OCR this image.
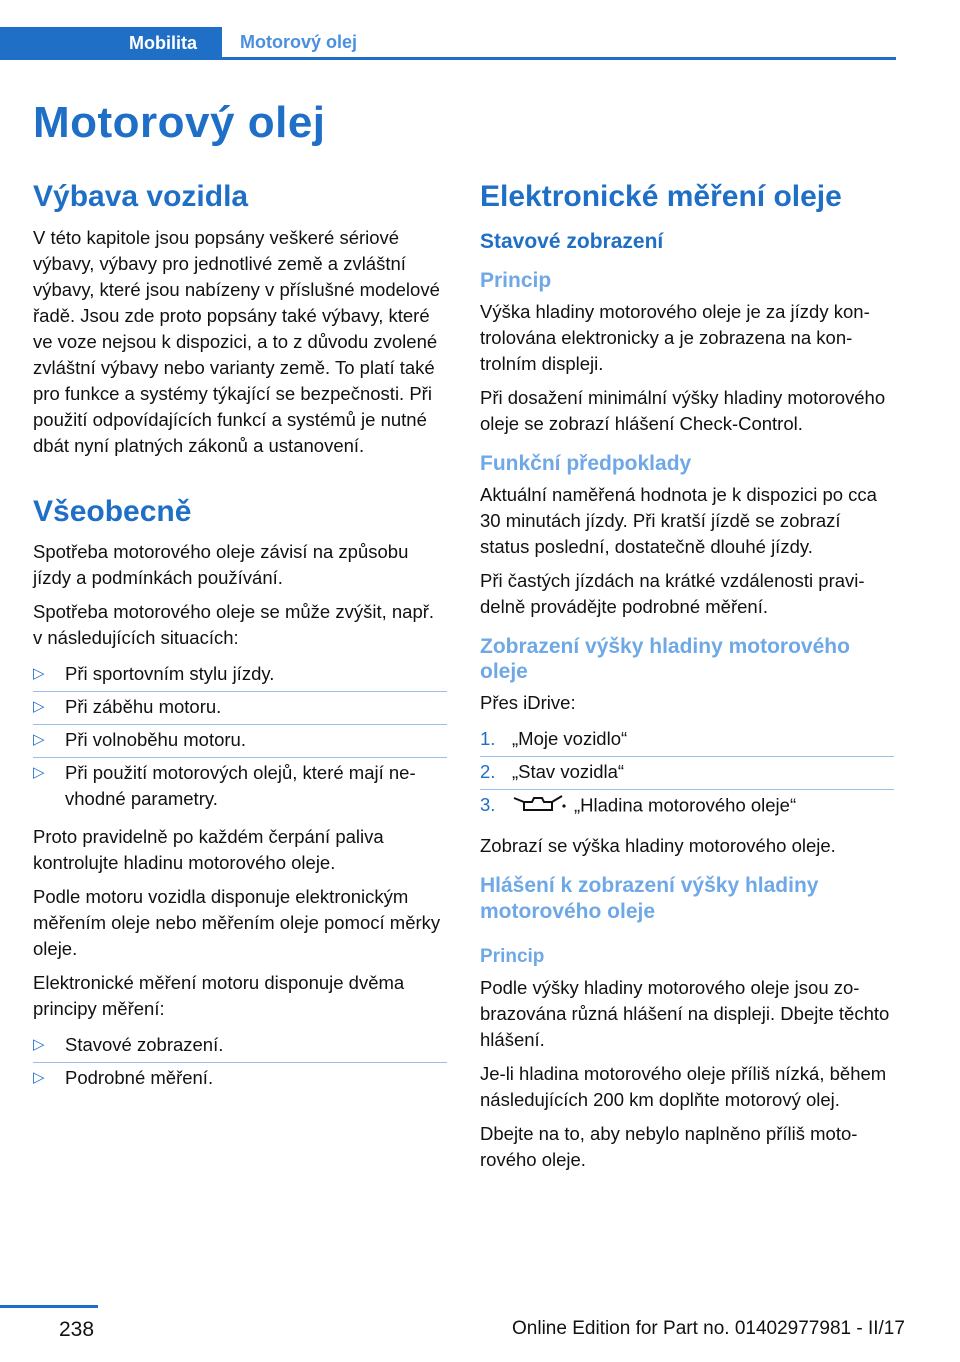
Mobilita	Motorový olej
Motorový olej
Výbava vozidla

V této kapitole jsou popsány veškeré sériové výbavy, výbavy pro jednotlivé země a zvláštní výbavy, které jsou nabízeny v příslušné modelové řadě. Jsou zde proto popsány také výbavy, které ve voze nejsou k dispozici, a to z důvodu zvolené zvláštní výbavy nebo varianty země. To platí také pro funkce a systémy týkající se bezpečnosti. Při použití odpovídajících funkcí a systémů je nutné dbát nyní platných zákonů a ustanovení.

Všeobecně

Spotřeba motorového oleje závisí na způsobu jízdy a podmínkách používání.

Spotřeba motorového oleje se může zvýšit, např. v následujících situacích:

▷ Při sportovním stylu jízdy.
▷ Při záběhu motoru.
▷ Při volnoběhu motoru.
▷ Při použití motorových olejů, které mají nevhodné parametry.

Proto pravidelně po každém čerpání paliva kontrolujte hladinu motorového oleje.

Podle motoru vozidla disponuje elektronickým měřením oleje nebo měřením oleje pomocí měrky oleje.

Elektronické měření motoru disponuje dvěma principy měření:

▷ Stavové zobrazení.
▷ Podrobné měření.
Elektronické měření oleje
Stavové zobrazení
Princip

Výška hladiny motorového oleje je za jízdy kontrolována elektronicky a je zobrazena na kontrolním displeji.

Při dosažení minimální výšky hladiny motorového oleje se zobrazí hlášení Check-Control.

Funkční předpoklady

Aktuální naměřená hodnota je k dispozici po cca 30 minutách jízdy. Při kratší jízdě se zobrazí status poslední, dostatečně dlouhé jízdy.

Při častých jízdách na krátké vzdálenosti pravidelně provádějte podrobné měření.

Zobrazení výšky hladiny motorového oleje

Přes iDrive:

1. „Moje vozidlo“
2. „Stav vozidla“
3.	„Hladina motorového oleje“

Zobrazí se výška hladiny motorového oleje.

Hlášení k zobrazení výšky hladiny motorového oleje
Princip

Podle výšky hladiny motorového oleje jsou zobrazována různá hlášení na displeji. Dbejte těchto hlášení.

Je-li hladina motorového oleje příliš nízká, během následujících 200 km doplňte motorový olej.

Dbejte na to, aby nebylo naplněno příliš motorového oleje.

238	Online Edition for Part no. 01402977981 - II/17
